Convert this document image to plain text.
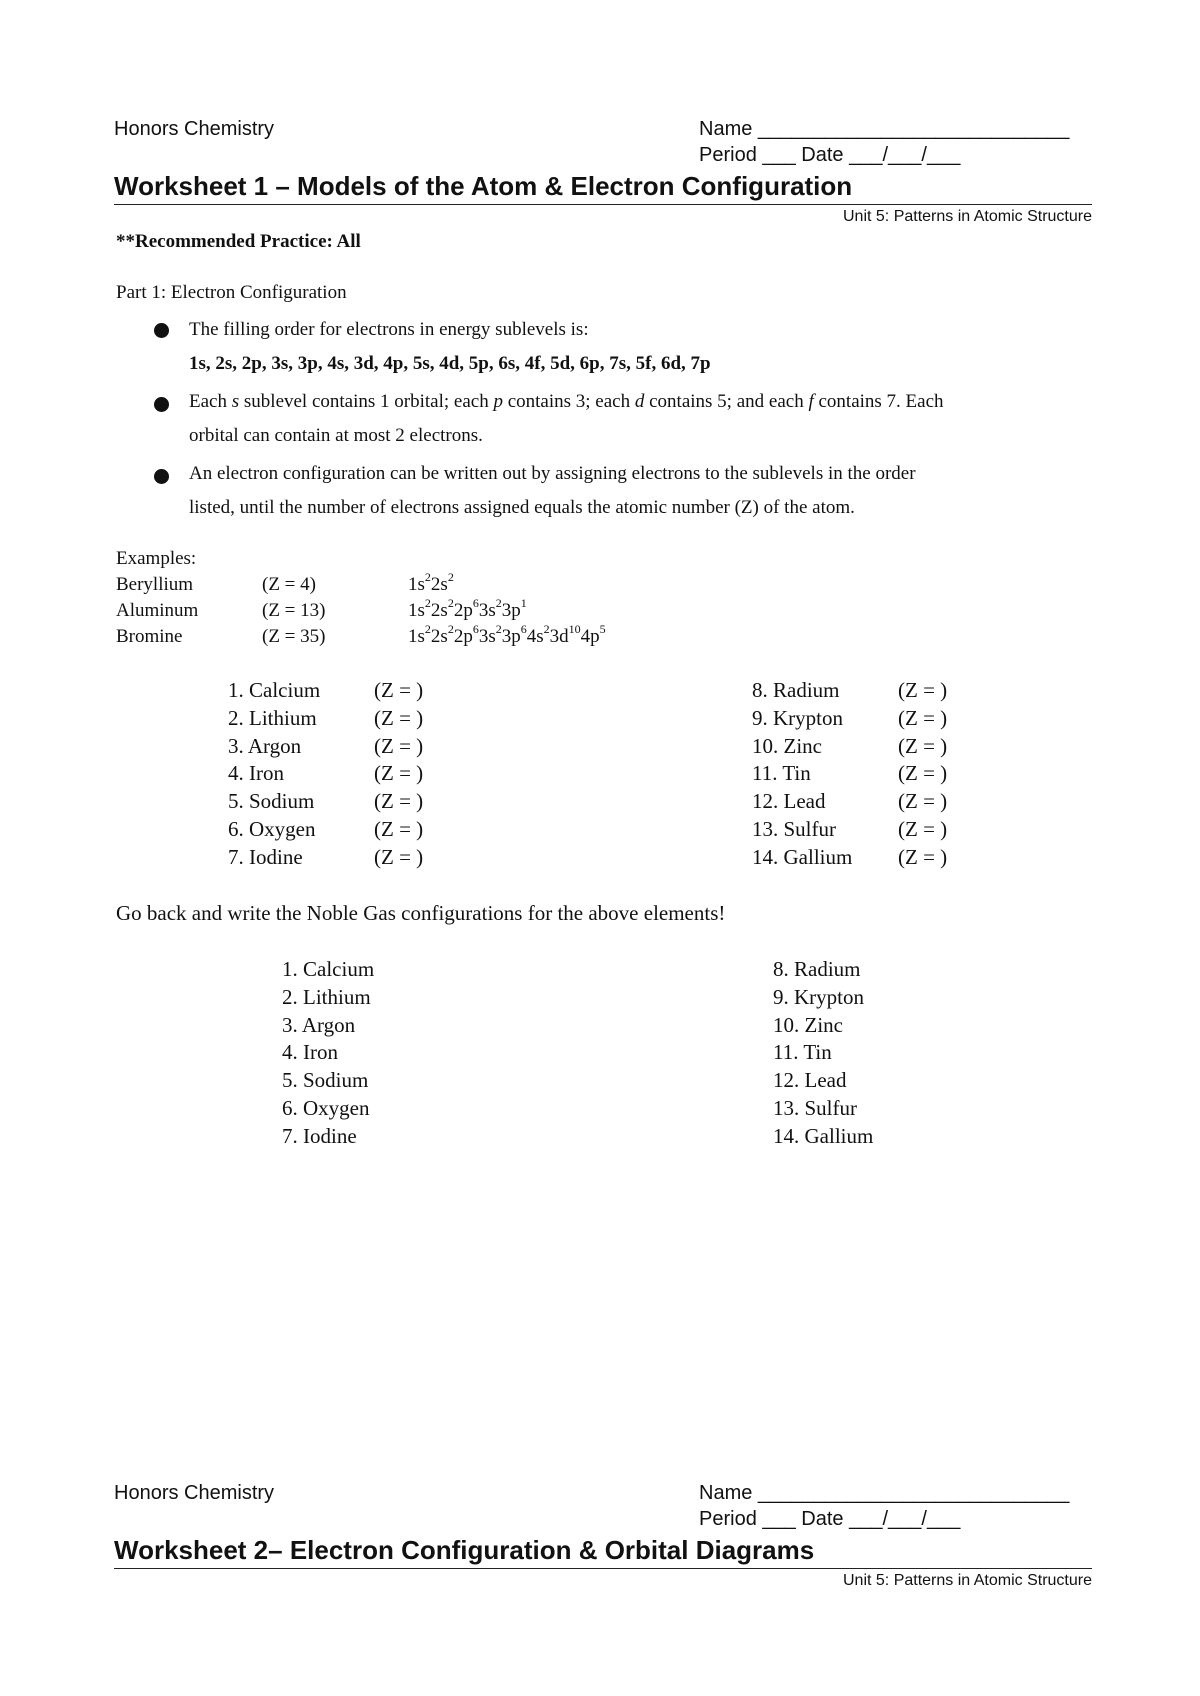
Honors Chemistry	Name ____________________________
Period ___ Date ___/___/___
Worksheet 1 – Models of the Atom & Electron Configuration
Unit 5: Patterns in Atomic Structure
**Recommended Practice: All
Part 1: Electron Configuration
The filling order for electrons in energy sublevels is:
1s, 2s, 2p, 3s, 3p, 4s, 3d, 4p, 5s, 4d, 5p, 6s, 4f, 5d, 6p, 7s, 5f, 6d, 7p
Each s sublevel contains 1 orbital; each p contains 3; each d contains 5; and each f contains 7. Each
orbital can contain at most 2 electrons.
An electron configuration can be written out by assigning electrons to the sublevels in the order
listed, until the number of electrons assigned equals the atomic number (Z) of the atom.
Examples:
Beryllium	(Z = 4)	$1s^22s^2$
Aluminum	(Z = 13)	$1s^22s^22p^63s^23p^1$
Bromine	(Z = 35)	$1s^22s^22p^63s^23p^64s^23d^{10}4p^5$
1. Calcium	(Z = )
2. Lithium	(Z = )
3. Argon	(Z = )
4. Iron	(Z = )
5. Sodium	(Z = )
6. Oxygen	(Z = )
7. Iodine	(Z = )
8. Radium	(Z = )
9. Krypton	(Z = )
10. Zinc	(Z = )
11. Tin	(Z = )
12. Lead	(Z = )
13. Sulfur	(Z = )
14. Gallium (Z = )
Go back and write the Noble Gas configurations for the above elements!
1. Calcium
2. Lithium
3. Argon
4. Iron
5. Sodium
6. Oxygen
7. Iodine
8. Radium
9. Krypton
10. Zinc
11. Tin
12. Lead
13. Sulfur
14. Gallium
Honors Chemistry	Name ____________________________
Period ___ Date ___/___/___
Worksheet 2– Electron Configuration & Orbital Diagrams
Unit 5: Patterns in Atomic Structure
